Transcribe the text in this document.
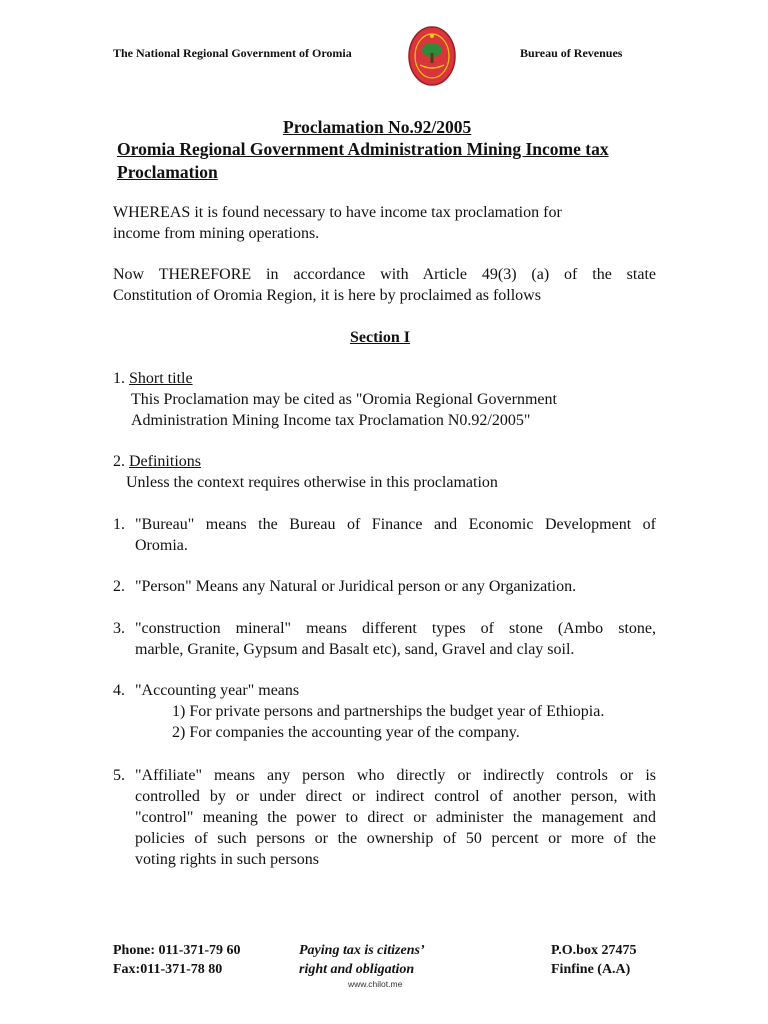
The National Regional Government of Oromia	Bureau of Revenues
Proclamation No.92/2005
Oromia Regional Government Administration Mining Income tax
Proclamation
WHEREAS it is found necessary to have income tax proclamation for
income from mining operations.
Now THEREFORE in accordance with Article 49(3) (a) of the state
Constitution of Oromia Region, it is here by proclaimed as follows
Section I
1. Short title
This Proclamation may be cited as "Oromia Regional Government
Administration Mining Income tax Proclamation N0.92/2005"
2. Definitions
Unless the context requires otherwise in this proclamation
1. "Bureau" means the Bureau of Finance and Economic Development of
Oromia.
2. "Person" Means any Natural or Juridical person or any Organization.
3. "construction mineral" means different types of stone (Ambo stone,
marble, Granite, Gypsum and Basalt etc), sand, Gravel and clay soil.
4. "Accounting year" means
1) For private persons and partnerships the budget year of Ethiopia.
2) For companies the accounting year of the company.
5. "Affiliate" means any person who directly or indirectly controls or is
controlled by or under direct or indirect control of another person, with
"control" meaning the power to direct or administer the management and
policies of such persons or the ownership of 50 percent or more of the
voting rights in such persons
Phone: 011-371-79 60
Fax:011-371-78 80
Paying tax is citizens’
right and obligation
P.O.box 27475
Finfine (A.A)
www.chilot.me
